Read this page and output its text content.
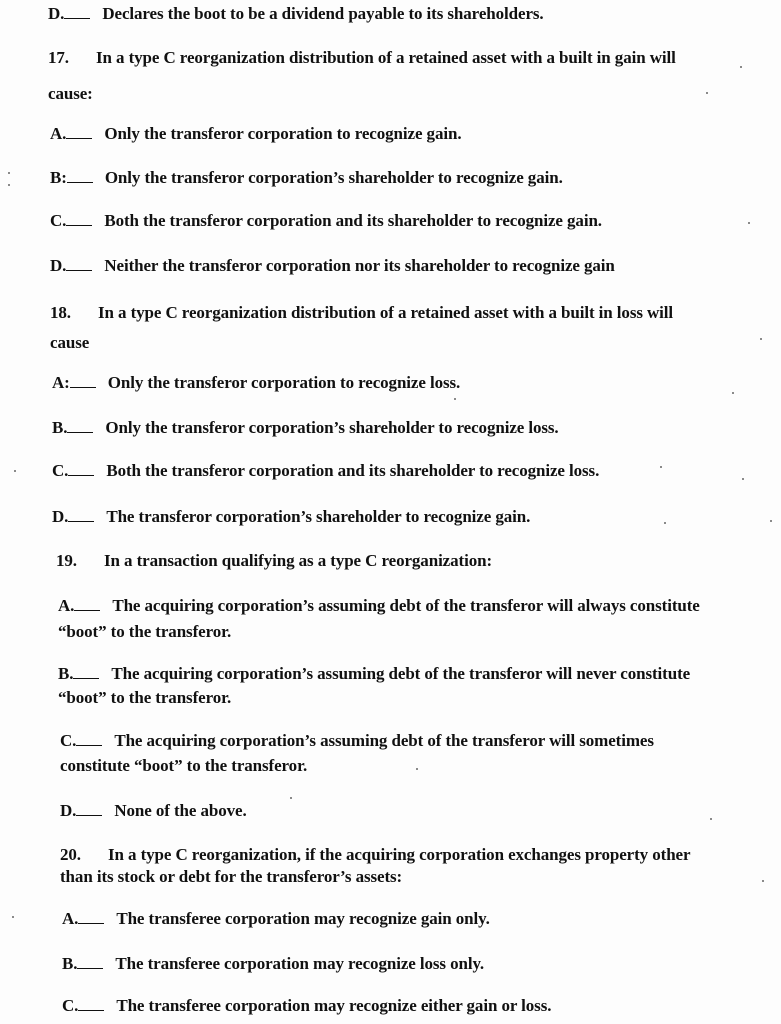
D. Declares the boot to be a dividend payable to its shareholders.
17. In a type C reorganization distribution of a retained asset with a built in gain will
cause:
A. Only the transferor corporation to recognize gain.
B: Only the transferor corporation’s shareholder to recognize gain.
C. Both the transferor corporation and its shareholder to recognize gain.
D. Neither the transferor corporation nor its shareholder to recognize gain
18. In a type C reorganization distribution of a retained asset with a built in loss will
cause
A: Only the transferor corporation to recognize loss.
B. Only the transferor corporation’s shareholder to recognize loss.
C. Both the transferor corporation and its shareholder to recognize loss.
D. The transferor corporation’s shareholder to recognize gain.
19. In a transaction qualifying as a type C reorganization:
A. The acquiring corporation’s assuming debt of the transferor will always constitute
“boot” to the transferor.
B. The acquiring corporation’s assuming debt of the transferor will never constitute
“boot” to the transferor.
C. The acquiring corporation’s assuming debt of the transferor will sometimes
constitute “boot” to the transferor.
D. None of the above.
20. In a type C reorganization, if the acquiring corporation exchanges property other
than its stock or debt for the transferor’s assets:
A. The transferee corporation may recognize gain only.
B. The transferee corporation may recognize loss only.
C. The transferee corporation may recognize either gain or loss.
